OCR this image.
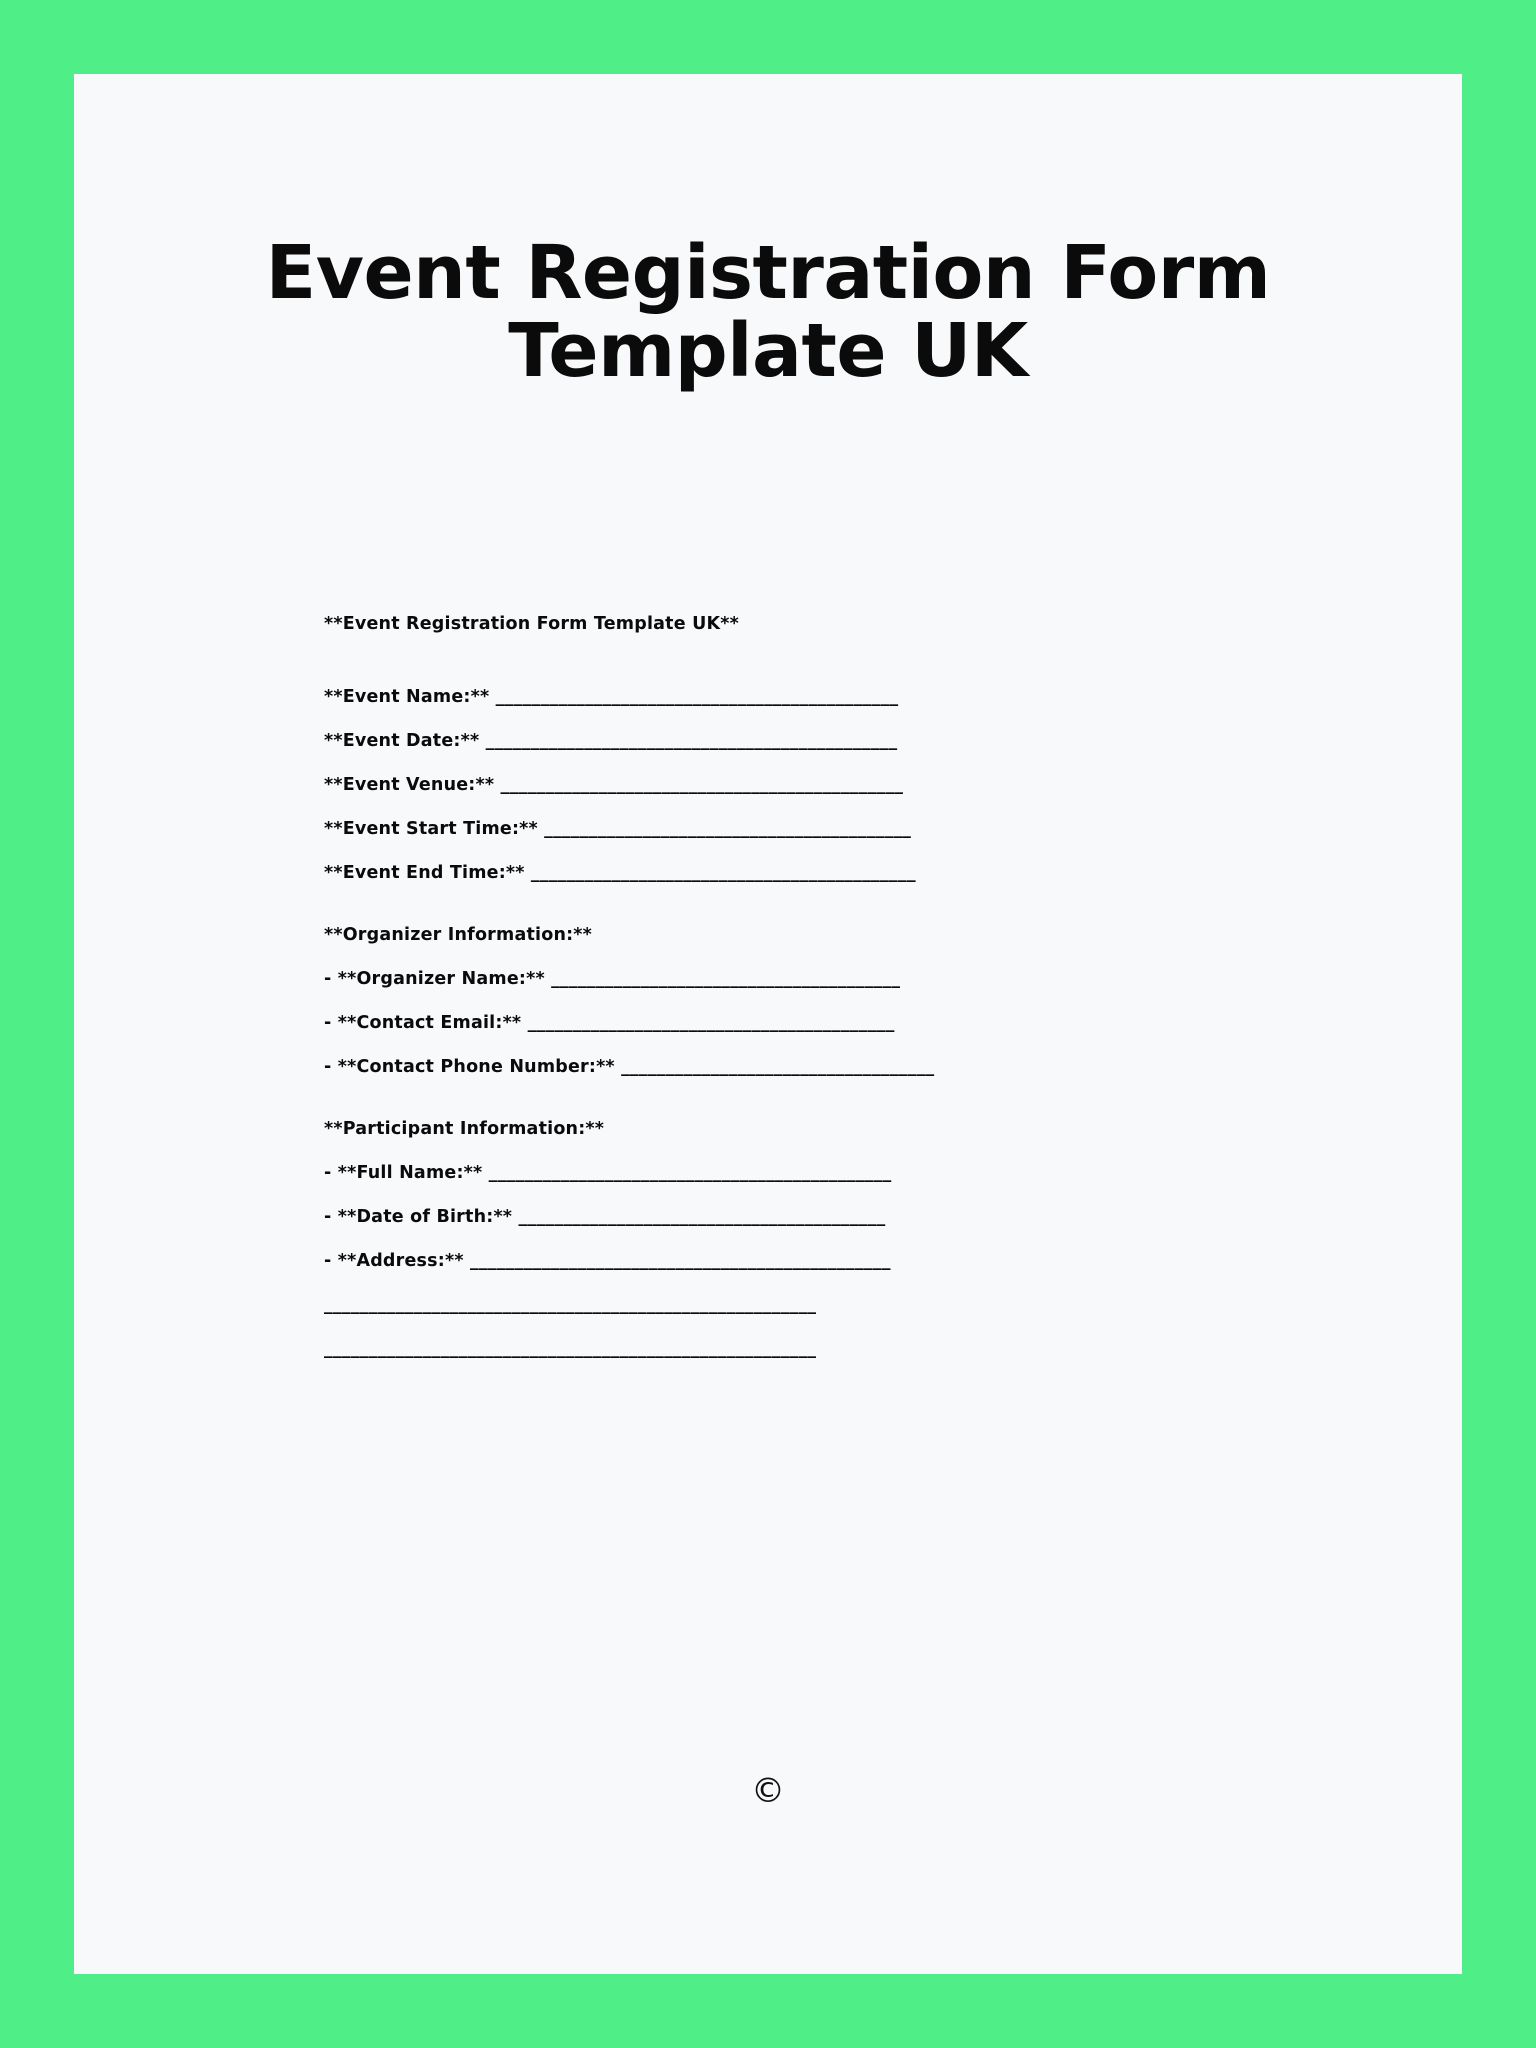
Event Registration Form Template UK
**Event Registration Form Template UK**
**Event Name:** _____________________________________________
**Event Date:** ______________________________________________
**Event Venue:** _____________________________________________
**Event Start Time:** _________________________________________
**Event End Time:** ___________________________________________
**Organizer Information:**
- **Organizer Name:** _______________________________________
- **Contact Email:** _________________________________________
- **Contact Phone Number:** ___________________________________
**Participant Information:**
- **Full Name:** _____________________________________________
- **Date of Birth:** _________________________________________
- **Address:** _______________________________________________
_______________________________________________________
_______________________________________________________
©
